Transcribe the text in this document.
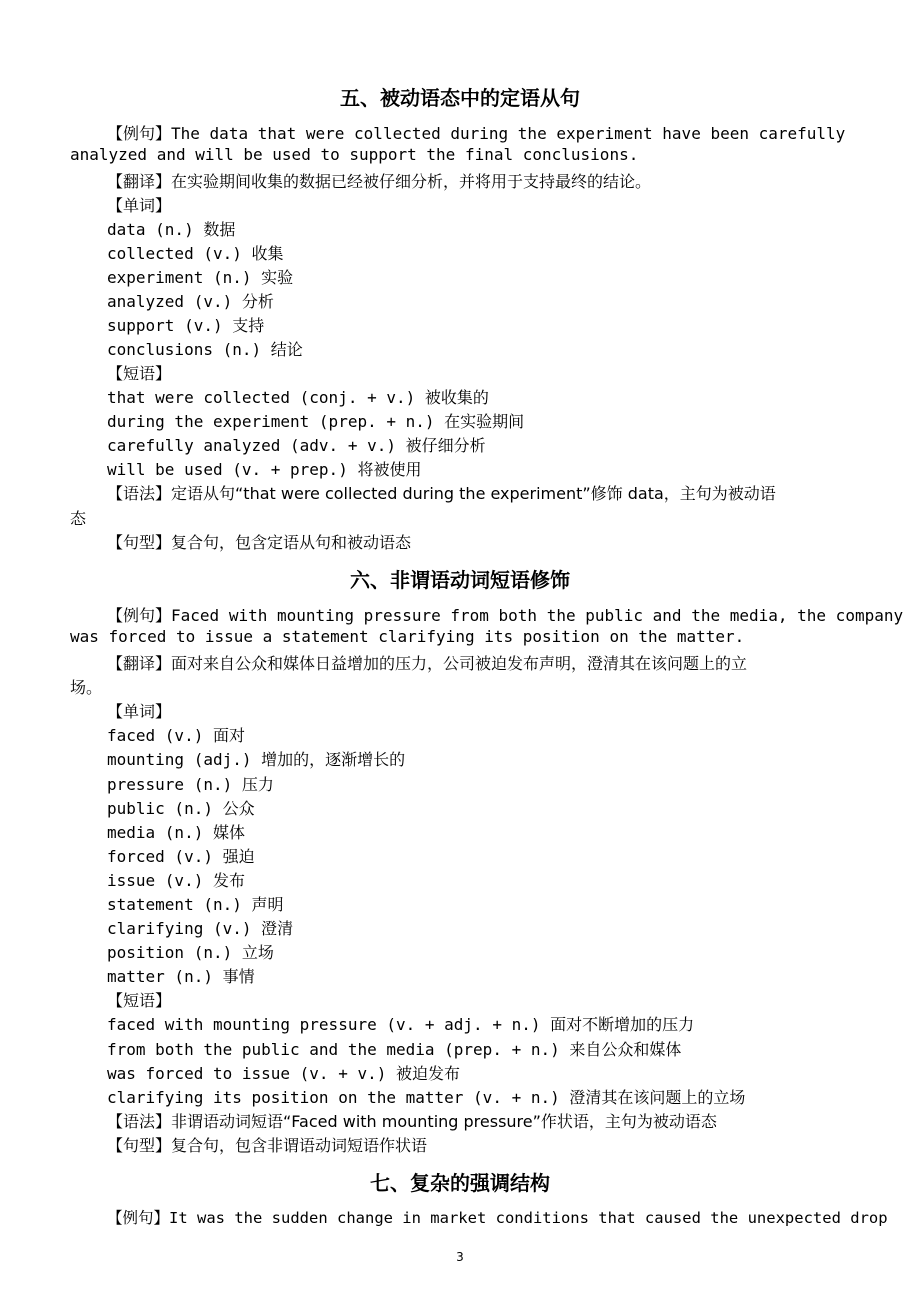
五、被动语态中的定语从句
【例句】The data that were collected during the experiment have been carefully
analyzed and will be used to support the final conclusions.
【翻译】在实验期间收集的数据已经被仔细分析，并将用于支持最终的结论。
【单词】
data (n.) 数据
collected (v.) 收集
experiment (n.) 实验
analyzed (v.) 分析
support (v.) 支持
conclusions (n.) 结论
【短语】
that were collected (conj. + v.) 被收集的
during the experiment (prep. + n.) 在实验期间
carefully analyzed (adv. + v.) 被仔细分析
will be used (v. + prep.) 将被使用
【语法】定语从句“that were collected during the experiment”修饰 data，主句为被动语
态
【句型】复合句，包含定语从句和被动语态
六、非谓语动词短语修饰
【例句】Faced with mounting pressure from both the public and the media, the company
was forced to issue a statement clarifying its position on the matter.
【翻译】面对来自公众和媒体日益增加的压力，公司被迫发布声明，澄清其在该问题上的立
场。
【单词】
faced (v.) 面对
mounting (adj.) 增加的，逐渐增长的
pressure (n.) 压力
public (n.) 公众
media (n.) 媒体
forced (v.) 强迫
issue (v.) 发布
statement (n.) 声明
clarifying (v.) 澄清
position (n.) 立场
matter (n.) 事情
【短语】
faced with mounting pressure (v. + adj. + n.) 面对不断增加的压力
from both the public and the media (prep. + n.) 来自公众和媒体
was forced to issue (v. + v.) 被迫发布
clarifying its position on the matter (v. + n.) 澄清其在该问题上的立场
【语法】非谓语动词短语“Faced with mounting pressure”作状语，主句为被动语态
【句型】复合句，包含非谓语动词短语作状语
七、复杂的强调结构
【例句】It was the sudden change in market conditions that caused the unexpected drop
3
